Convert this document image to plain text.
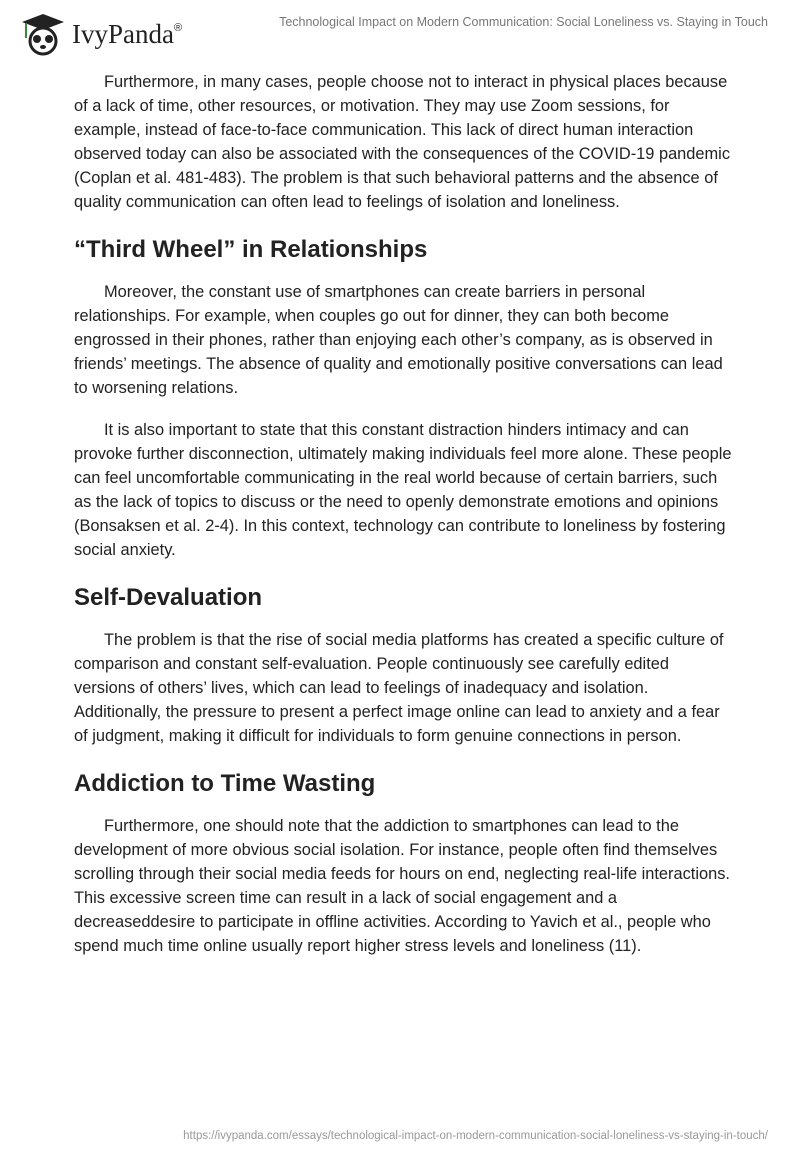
IvyPanda®	Technological Impact on Modern Communication: Social Loneliness vs. Staying in Touch

Furthermore, in many cases, people choose not to interact in physical places because of a lack of time, other resources, or motivation. They may use Zoom sessions, for example, instead of face-to-face communication. This lack of direct human interaction observed today can also be associated with the consequences of the COVID-19 pandemic (Coplan et al. 481-483). The problem is that such behavioral patterns and the absence of quality communication can often lead to feelings of isolation and loneliness.

“Third Wheel” in Relationships

Moreover, the constant use of smartphones can create barriers in personal relationships. For example, when couples go out for dinner, they can both become engrossed in their phones, rather than enjoying each other’s company, as is observed in friends’ meetings. The absence of quality and emotionally positive conversations can lead to worsening relations.

It is also important to state that this constant distraction hinders intimacy and can provoke further disconnection, ultimately making individuals feel more alone. These people can feel uncomfortable communicating in the real world because of certain barriers, such as the lack of topics to discuss or the need to openly demonstrate emotions and opinions (Bonsaksen et al. 2-4). In this context, technology can contribute to loneliness by fostering social anxiety.

Self-Devaluation

The problem is that the rise of social media platforms has created a specific culture of comparison and constant self-evaluation. People continuously see carefully edited versions of others’ lives, which can lead to feelings of inadequacy and isolation. Additionally, the pressure to present a perfect image online can lead to anxiety and a fear of judgment, making it difficult for individuals to form genuine connections in person.

Addiction to Time Wasting

Furthermore, one should note that the addiction to smartphones can lead to the development of more obvious social isolation. For instance, people often find themselves scrolling through their social media feeds for hours on end, neglecting real-life interactions. This excessive screen time can result in a lack of social engagement and a decreaseddesire to participate in offline activities. According to Yavich et al., people who spend much time online usually report higher stress levels and loneliness (11).

https://ivypanda.com/essays/technological-impact-on-modern-communication-social-loneliness-vs-staying-in-touch/
